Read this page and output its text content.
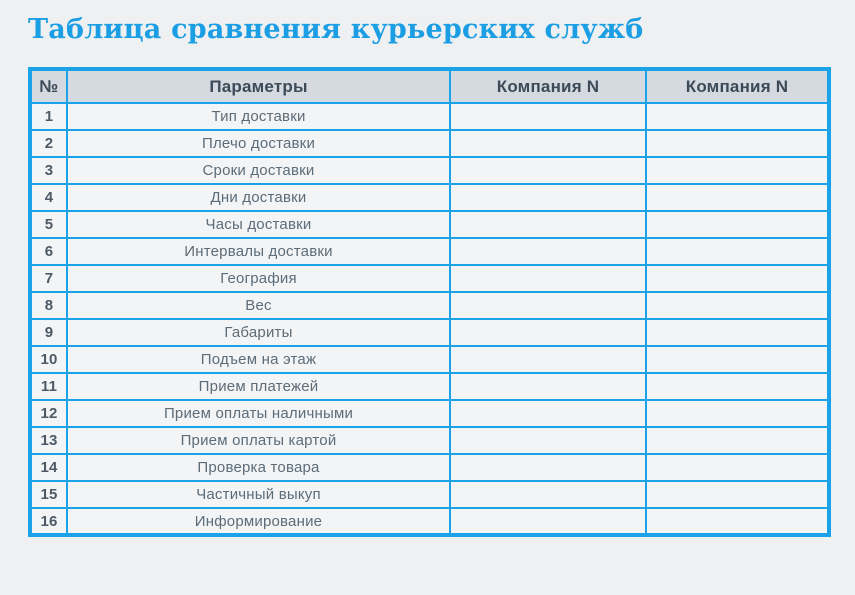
Таблица сравнения курьерских служб
№	Параметры	Компания N	Компания N
1	Тип доставки		
2	Плечо доставки		
3	Сроки доставки		
4	Дни доставки		
5	Часы доставки		
6	Интервалы доставки		
7	География		
8	Вес		
9	Габариты		
10	Подъем на этаж		
11	Прием платежей		
12	Прием оплаты наличными		
13	Прием оплаты картой		
14	Проверка товара		
15	Частичный выкуп		
16	Информирование		
